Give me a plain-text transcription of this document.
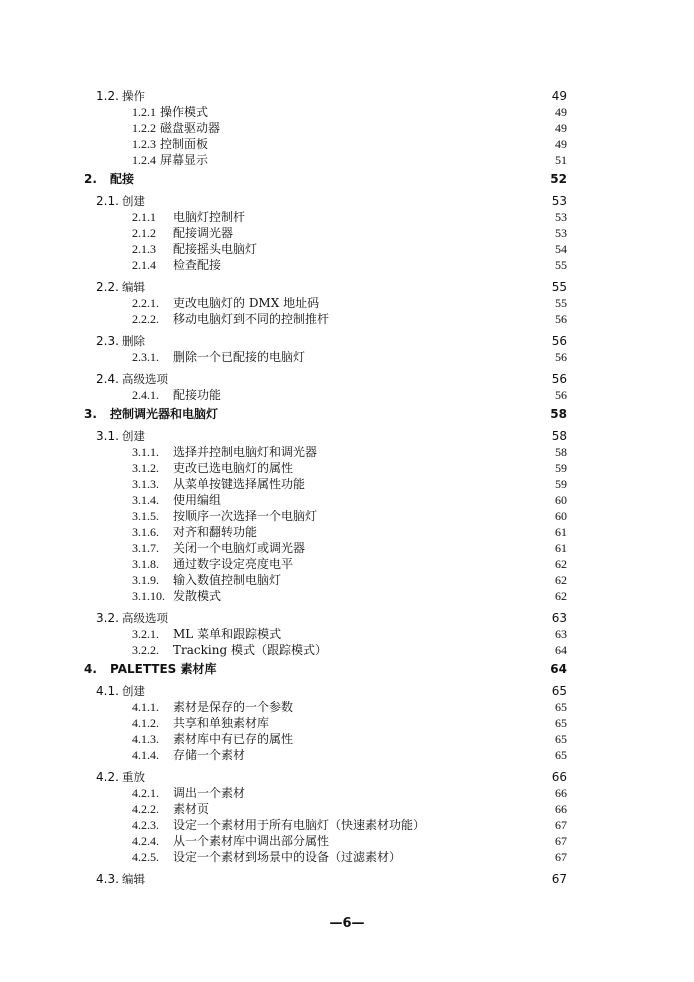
1.2. 操作	49
1.2.1 操作模式	49
1.2.2 磁盘驱动器	49
1.2.3 控制面板	49
1.2.4 屏幕显示	51
2. 配接	52
2.1. 创建	53
2.1.1 电脑灯控制杆	53
2.1.2 配接调光器	53
2.1.3 配接摇头电脑灯	54
2.1.4 检查配接	55
2.2. 编辑	55
2.2.1. 吏改电脑灯的 DMX 地址码	55
2.2.2. 移动电脑灯到不同的控制推杆	56
2.3. 删除	56
2.3.1. 删除一个已配接的电脑灯	56
2.4. 高级选项	56
2.4.1. 配接功能	56
3. 控制调光器和电脑灯	58
3.1. 创建	58
3.1.1. 选择并控制电脑灯和调光器	58
3.1.2. 吏改已选电脑灯的属性	59
3.1.3. 从菜单按键选择属性功能	59
3.1.4. 使用编组	60
3.1.5. 按顺序一次选择一个电脑灯	60
3.1.6. 对齐和翻转功能	61
3.1.7. 关闭一个电脑灯或调光器	61
3.1.8. 通过数字设定亮度电平	62
3.1.9. 输入数值控制电脑灯	62
3.1.10. 发散模式	62
3.2. 高级选项	63
3.2.1. ML 菜单和跟踪模式	63
3.2.2. Tracking 模式（跟踪模式）	64
4. PALETTES 素材库	64
4.1. 创建	65
4.1.1. 素材是保存的一个参数	65
4.1.2. 共享和单独素材库	65
4.1.3. 素材库中有已存的属性	65
4.1.4. 存储一个素材	65
4.2. 重放	66
4.2.1. 调出一个素材	66
4.2.2. 素材页	66
4.2.3. 设定一个素材用于所有电脑灯（快速素材功能）	67
4.2.4. 从一个素材库中调出部分属性	67
4.2.5. 设定一个素材到场景中的设备（过滤素材）	67
4.3. 编辑	67
—6—
